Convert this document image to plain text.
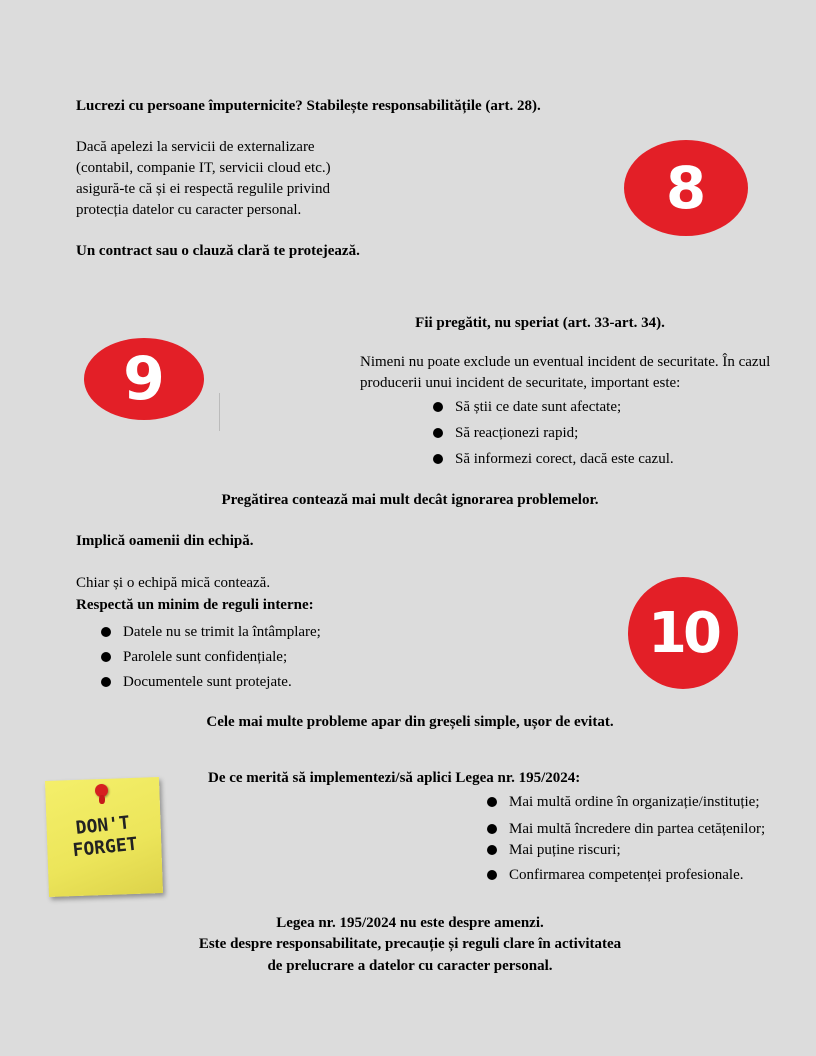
Lucrezi cu persoane împuternicite? Stabilește responsabilitățile (art. 28).
Dacă apelezi la servicii de externalizare (contabil, companie IT, servicii cloud etc.) asigură-te că și ei respectă regulile privind protecția datelor cu caracter personal.
Un contract sau o clauză clară te protejează.
8
9
Fii pregătit, nu speriat (art. 33-art. 34).
Nimeni nu poate exclude un eventual incident de securitate. În cazul producerii unui incident de securitate, important este:
Să știi ce date sunt afectate;
Să reacționezi rapid;
Să informezi corect, dacă este cazul.
Pregătirea contează mai mult decât ignorarea problemelor.
Implică oamenii din echipă.
Chiar și o echipă mică contează.
Respectă un minim de reguli interne:
Datele nu se trimit la întâmplare;
Parolele sunt confidențiale;
Documentele sunt protejate.
10
Cele mai multe probleme apar din greșeli simple, ușor de evitat.
De ce merită să implementezi/să aplici Legea nr. 195/2024:
Mai multă ordine în organizație/instituție;
Mai multă încredere din partea cetățenilor;
Mai puține riscuri;
Confirmarea competenței profesionale.
DON'T
FORGET
Legea nr. 195/2024 nu este despre amenzi.
Este despre responsabilitate, precauție și reguli clare în activitatea
de prelucrare a datelor cu caracter personal.
